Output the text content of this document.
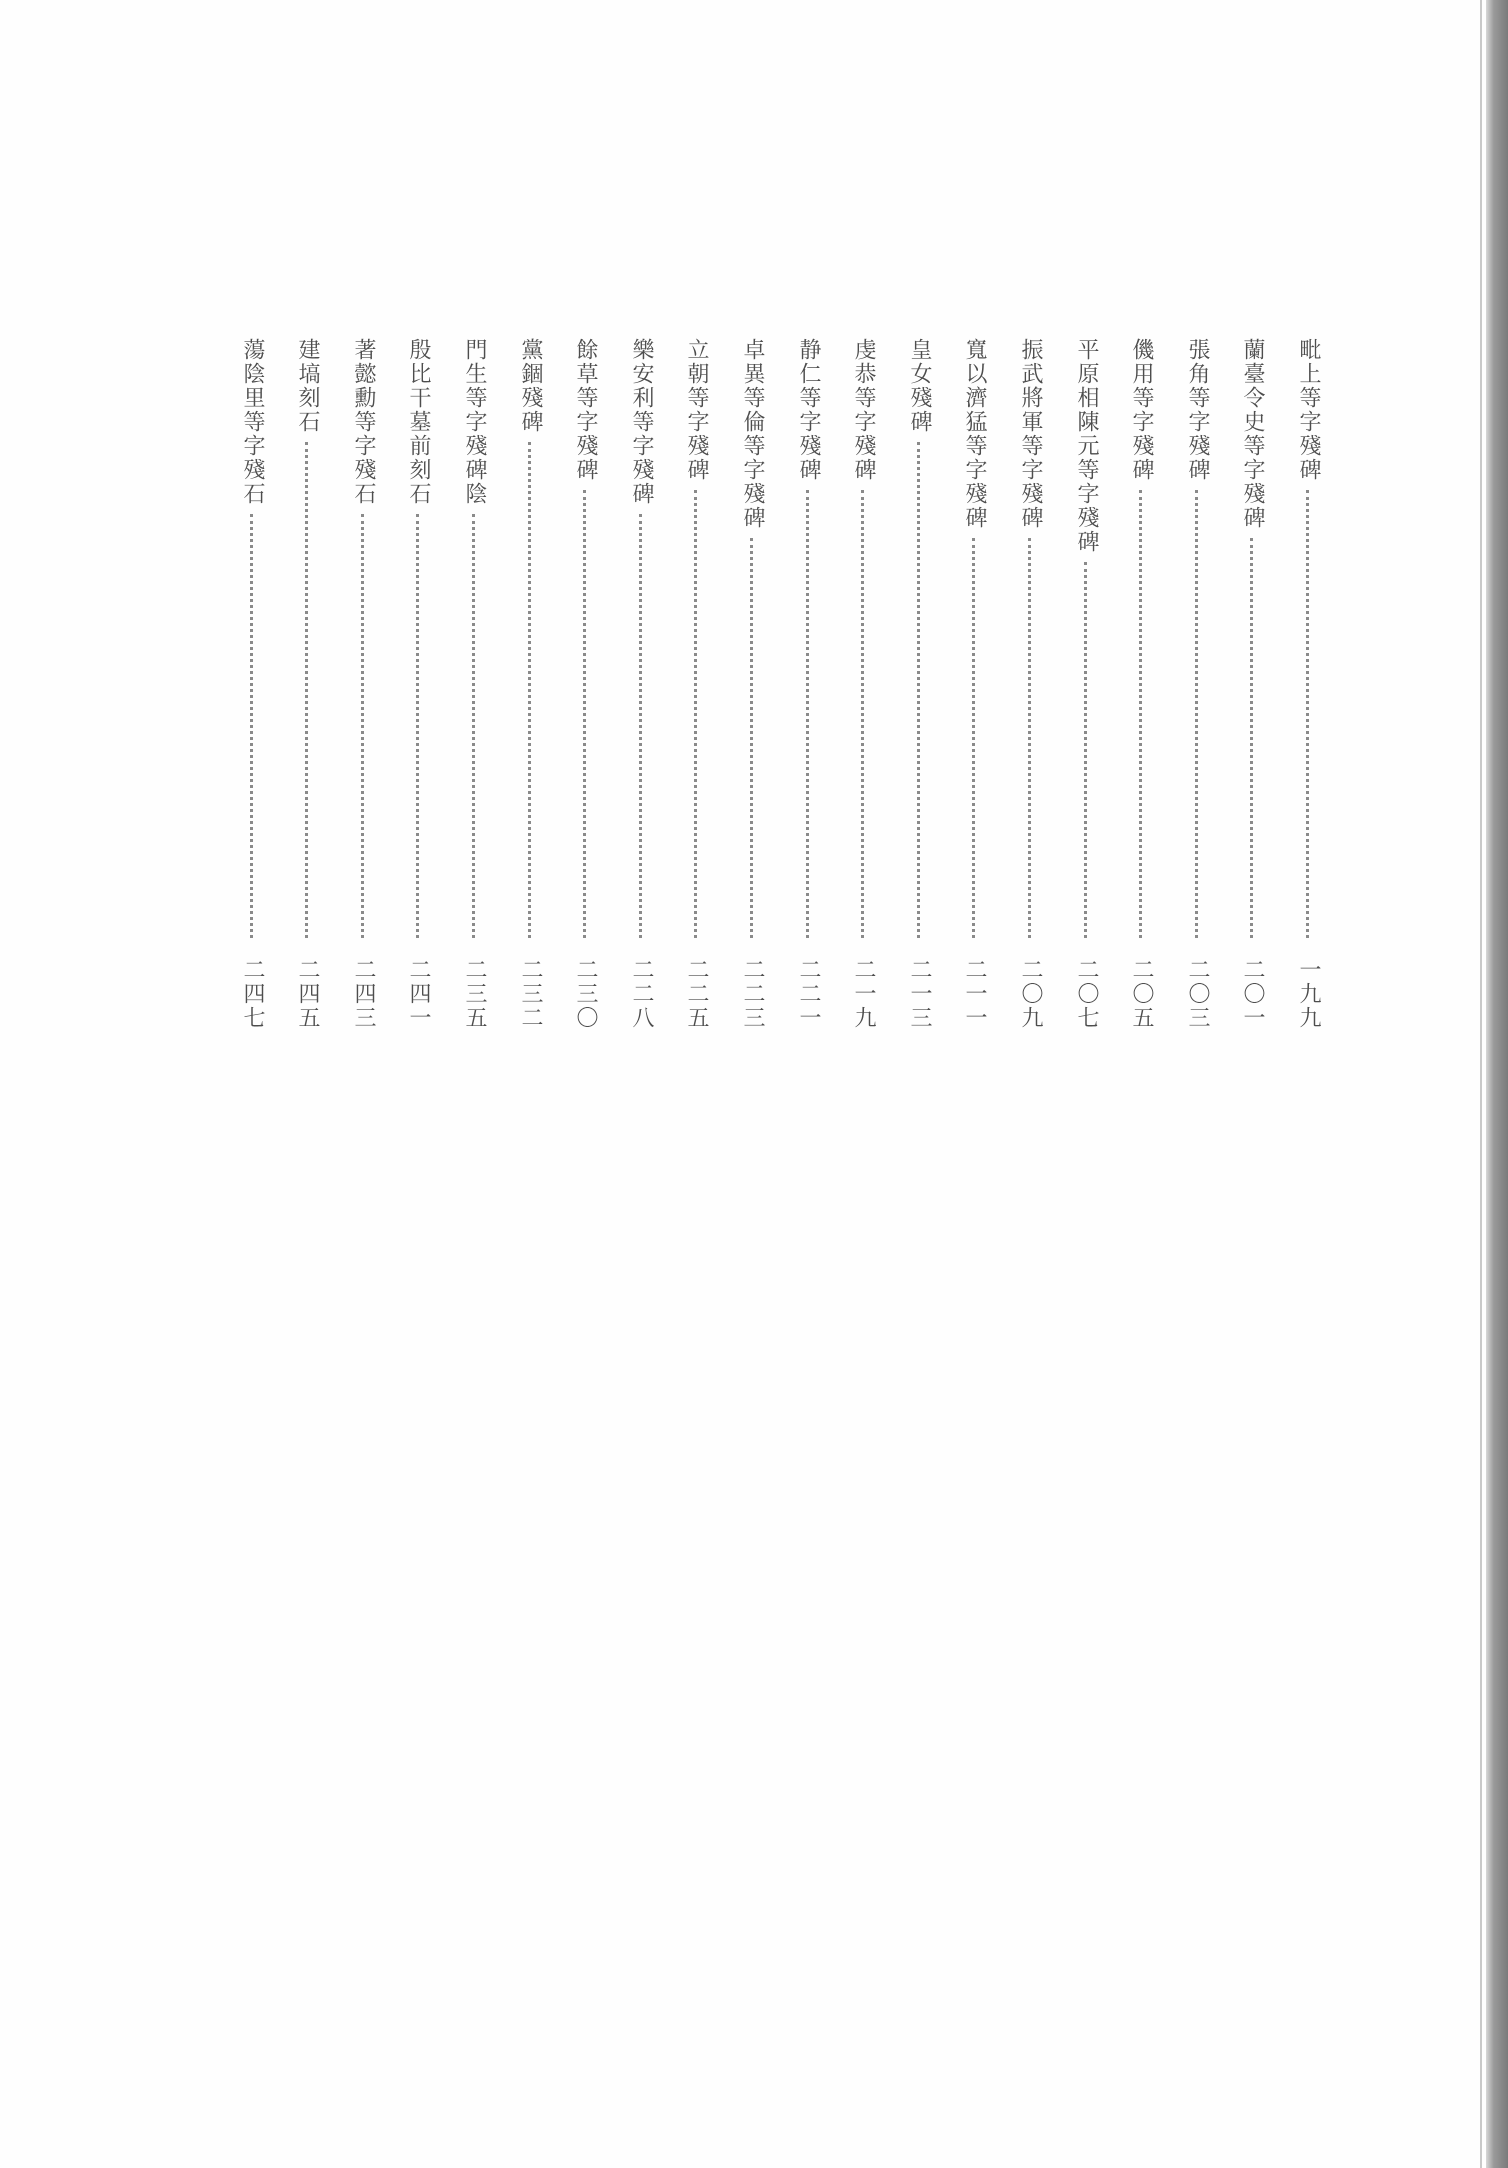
毗上等字殘碑
一九九
蘭臺令史等字殘碑
二〇一
張角等字殘碑
二〇三
僟用等字殘碑
二〇五
平原相陳元等字殘碑
二〇七
振武將軍等字殘碑
二〇九
寬以濟猛等字殘碑
二一一
皇女殘碑
二一三
虔恭等字殘碑
二一九
静仁等字殘碑
二二一
卓異等倫等字殘碑
二二三
立朝等字殘碑
二二五
樂安利等字殘碑
二二八
餘草等字殘碑
二三〇
黨錮殘碑
二三二
門生等字殘碑陰
二三五
殷比干墓前刻石
二四一
著懿勳等字殘石
二四三
建塙刻石
二四五
蕩陰里等字殘石
二四七
